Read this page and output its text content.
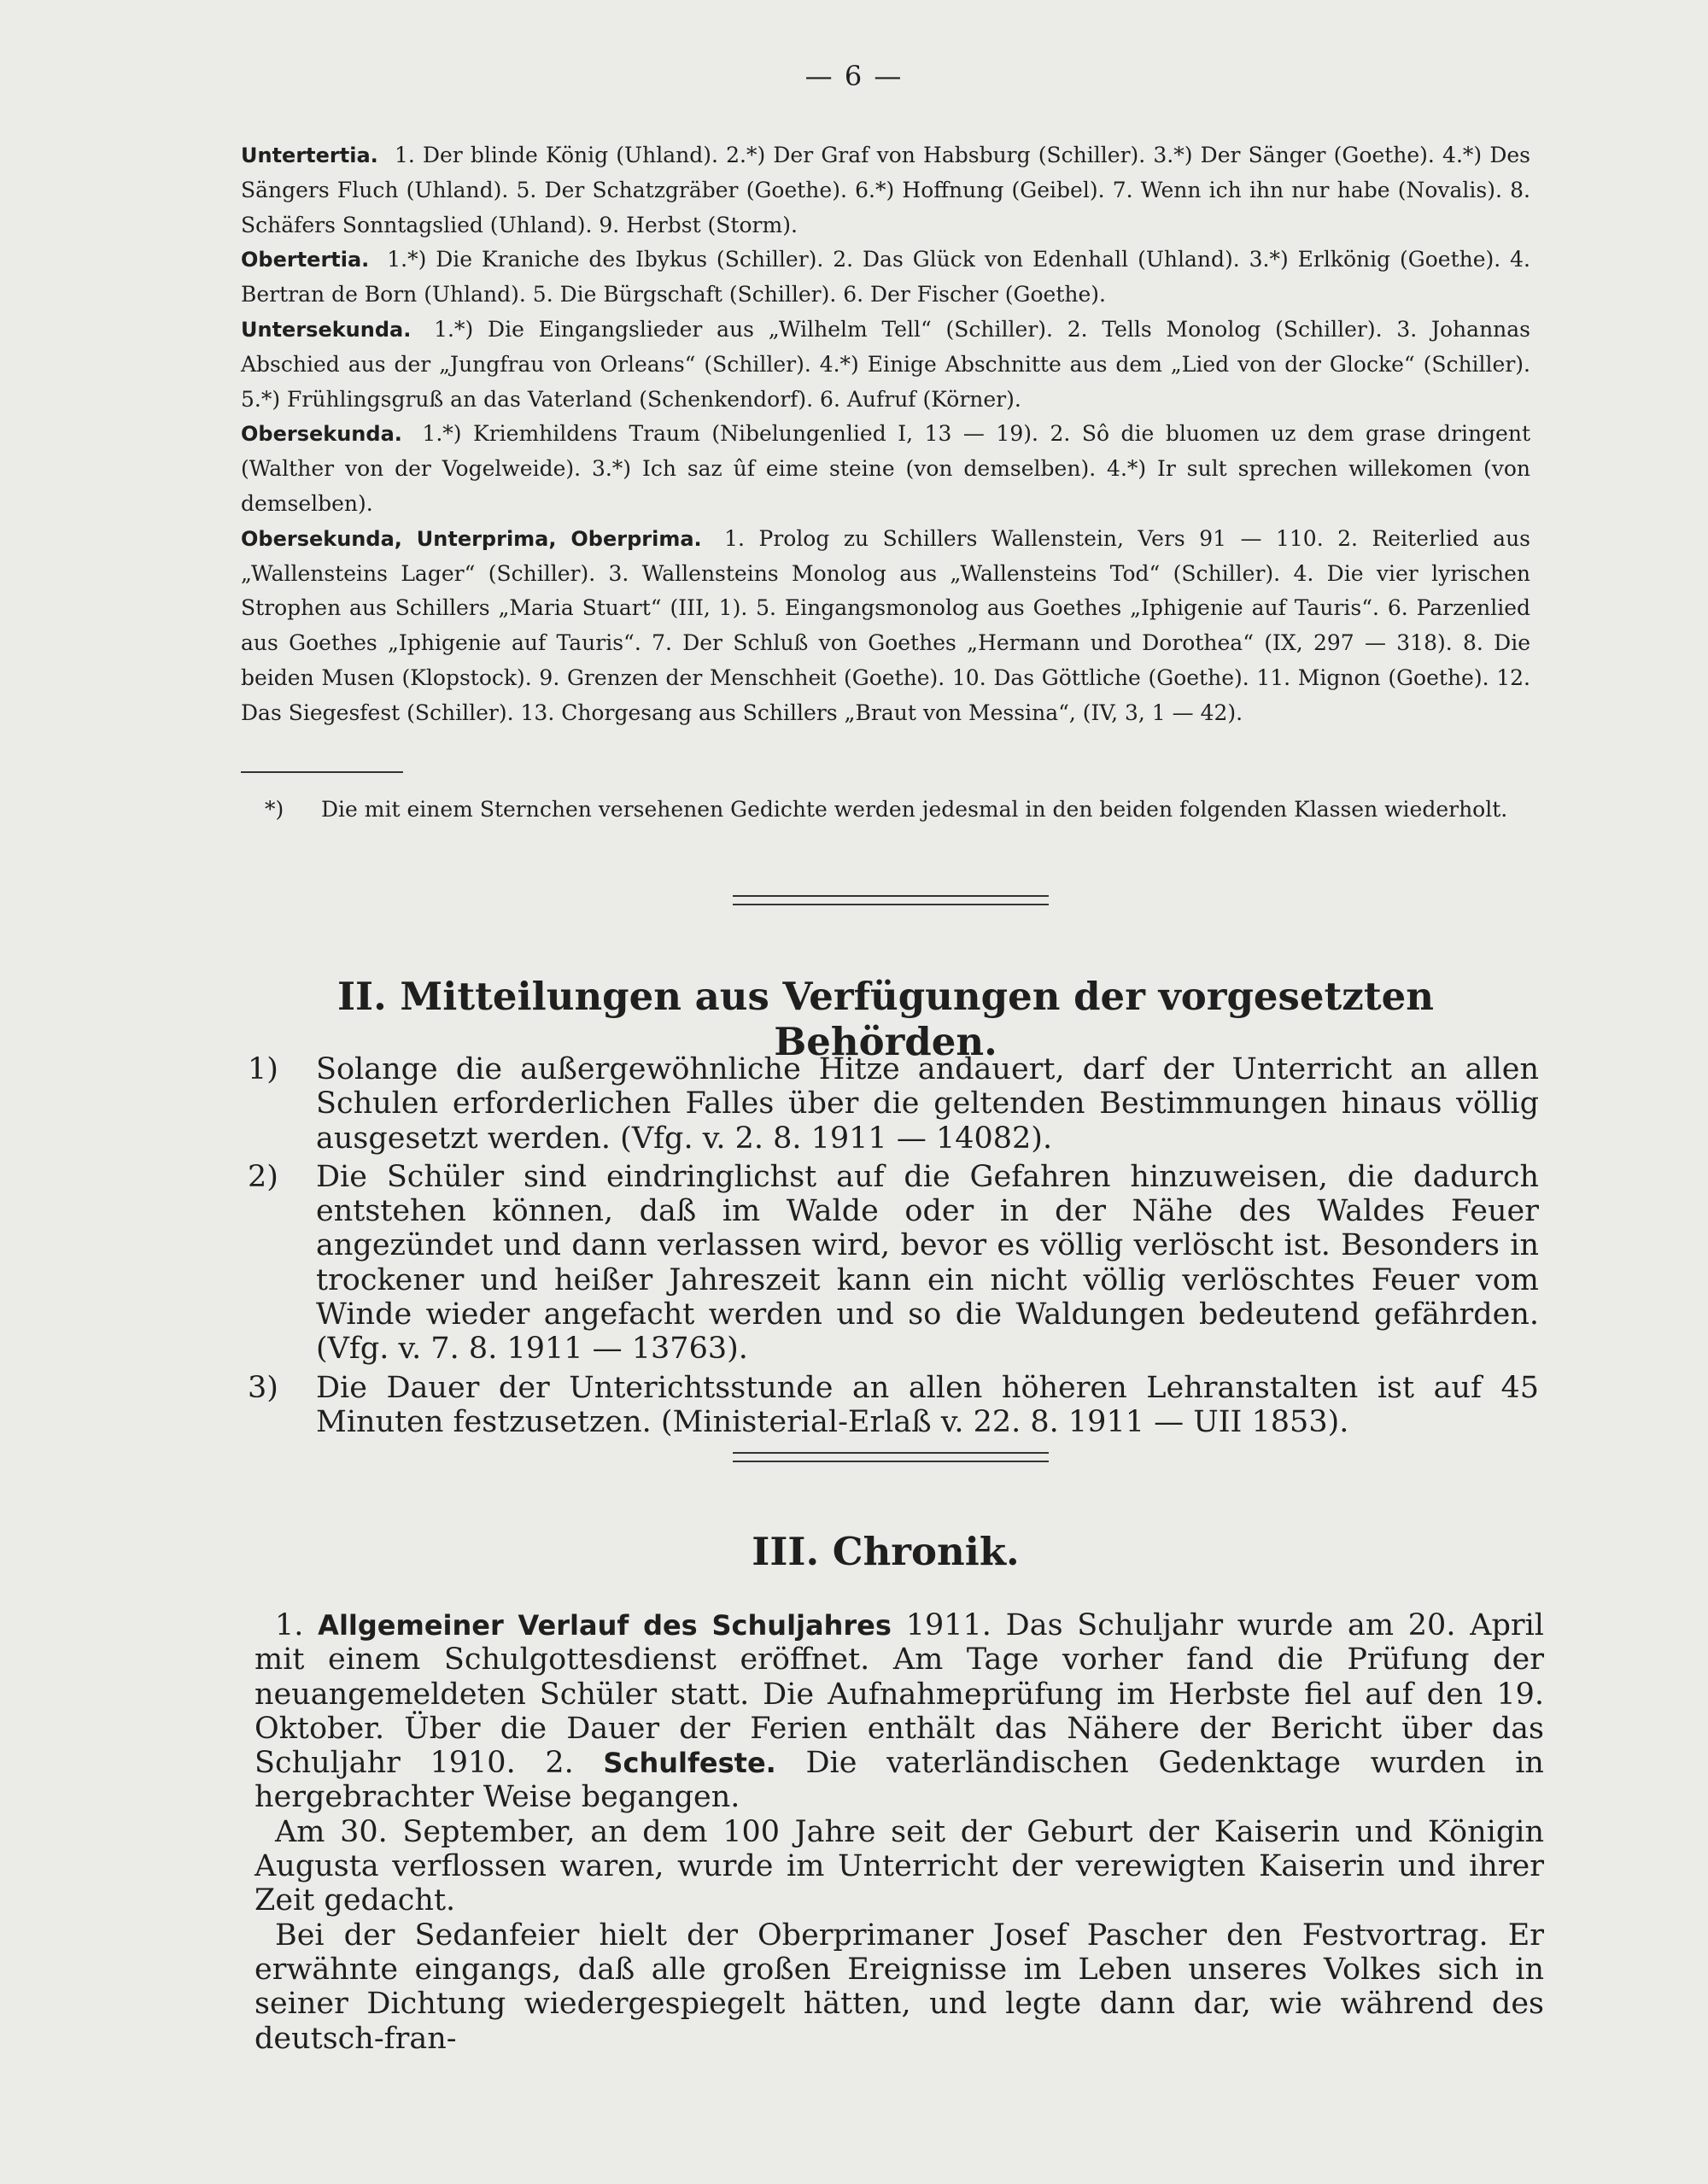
— 6 —

Untertertia. 1. Der blinde König (Uhland). 2.*) Der Graf von Habsburg (Schiller). 3.*) Der Sänger (Goethe). 4.*) Des Sängers Fluch (Uhland). 5. Der Schatzgräber (Goethe). 6.*) Hoffnung (Geibel). 7. Wenn ich ihn nur habe (Novalis). 8. Schäfers Sonntagslied (Uhland). 9. Herbst (Storm).

Obertertia. 1.*) Die Kraniche des Ibykus (Schiller). 2. Das Glück von Edenhall (Uhland). 3.*) Erlkönig (Goethe). 4. Bertran de Born (Uhland). 5. Die Bürgschaft (Schiller). 6. Der Fischer (Goethe).

Untersekunda. 1.*) Die Eingangslieder aus „Wilhelm Tell“ (Schiller). 2. Tells Monolog (Schiller). 3. Johannas Abschied aus der „Jungfrau von Orleans“ (Schiller). 4.*) Einige Abschnitte aus dem „Lied von der Glocke“ (Schiller). 5.*) Frühlingsgruß an das Vaterland (Schenkendorf). 6. Aufruf (Körner).

Obersekunda. 1.*) Kriemhildens Traum (Nibelungenlied I, 13 — 19). 2. Sô die bluomen uz dem grase dringent (Walther von der Vogelweide). 3.*) Ich saz ûf eime steine (von demselben). 4.*) Ir sult sprechen willekomen (von demselben).

Obersekunda, Unterprima, Oberprima. 1. Prolog zu Schillers Wallenstein, Vers 91 — 110. 2. Reiterlied aus „Wallensteins Lager“ (Schiller). 3. Wallensteins Monolog aus „Wallensteins Tod“ (Schiller). 4. Die vier lyrischen Strophen aus Schillers „Maria Stuart“ (III, 1). 5. Eingangsmonolog aus Goethes „Iphigenie auf Tauris“. 6. Parzenlied aus Goethes „Iphigenie auf Tauris“. 7. Der Schluß von Goethes „Hermann und Dorothea“ (IX, 297 — 318). 8. Die beiden Musen (Klopstock). 9. Grenzen der Menschheit (Goethe). 10. Das Göttliche (Goethe). 11. Mignon (Goethe). 12. Das Siegesfest (Schiller). 13. Chorgesang aus Schillers „Braut von Messina“, (IV, 3, 1 — 42).

*)	Die mit einem Sternchen versehenen Gedichte werden jedesmal in den beiden folgenden Klassen wiederholt.
II. Mitteilungen aus Verfügungen der vorgesetzten Behörden.
1)	Solange die außergewöhnliche Hitze andauert, darf der Unterricht an allen Schulen erforderlichen Falles über die geltenden Bestimmungen hinaus völlig ausgesetzt werden. (Vfg. v. 2. 8. 1911 — 14082).
2)	Die Schüler sind eindringlichst auf die Gefahren hinzuweisen, die dadurch entstehen können, daß im Walde oder in der Nähe des Waldes Feuer angezündet und dann verlassen wird, bevor es völlig verlöscht ist. Besonders in trockener und heißer Jahreszeit kann ein nicht völlig verlöschtes Feuer vom Winde wieder angefacht werden und so die Waldungen bedeutend gefährden. (Vfg. v. 7. 8. 1911 — 13763).
3)	Die Dauer der Unterichtsstunde an allen höheren Lehranstalten ist auf 45 Minuten festzusetzen. (Ministerial-Erlaß v. 22. 8. 1911 — UII 1853).
III. Chronik.

1. Allgemeiner Verlauf des Schuljahres 1911. Das Schuljahr wurde am 20. April mit einem Schulgottesdienst eröffnet. Am Tage vorher fand die Prüfung der neuangemeldeten Schüler statt. Die Aufnahmeprüfung im Herbste fiel auf den 19. Oktober. Über die Dauer der Ferien enthält das Nähere der Bericht über das Schuljahr 1910. 2. Schulfeste. Die vaterländischen Gedenktage wurden in hergebrachter Weise begangen.

Am 30. September, an dem 100 Jahre seit der Geburt der Kaiserin und Königin Augusta verflossen waren, wurde im Unterricht der verewigten Kaiserin und ihrer Zeit gedacht.

Bei der Sedanfeier hielt der Oberprimaner Josef Pascher den Festvortrag. Er erwähnte eingangs, daß alle großen Ereignisse im Leben unseres Volkes sich in seiner Dichtung wiedergespiegelt hätten, und legte dann dar, wie während des deutsch-fran-
